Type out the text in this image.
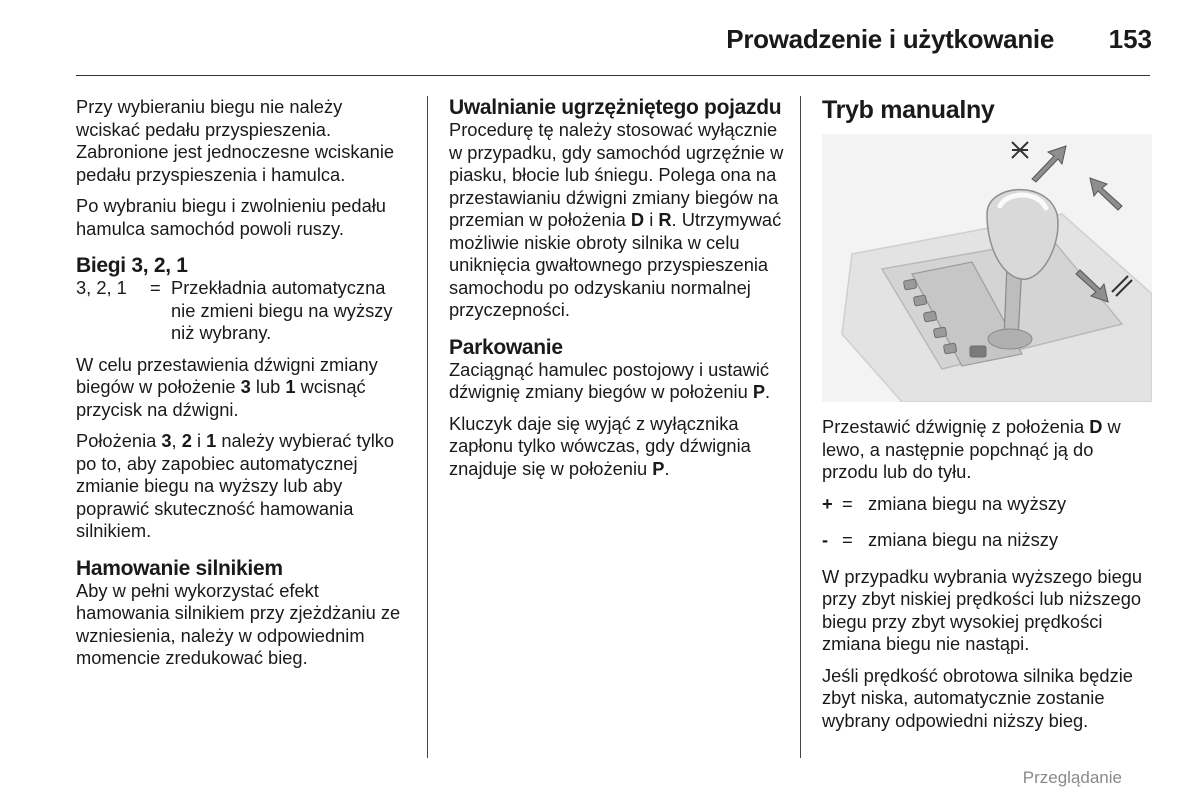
Prowadzenie i użytkowanie 153

Przy wybieraniu biegu nie należy wciskać pedału przyspieszenia. Zabronione jest jednoczesne wciskanie pedału przyspieszenia i hamulca.

Po wybraniu biegu i zwolnieniu pedału hamulca samochód powoli ruszy.

Biegi 3, 2, 1
3, 2, 1	= Przekładnia automatyczna nie zmieni biegu na wyższy niż wybrany.

W celu przestawienia dźwigni zmiany biegów w położenie 3 lub 1 wcisnąć przycisk na dźwigni.

Położenia 3, 2 i 1 należy wybierać tylko po to, aby zapobiec automatycznej zmianie biegu na wyższy lub aby poprawić skuteczność hamowania silnikiem.

Hamowanie silnikiem

Aby w pełni wykorzystać efekt hamowania silnikiem przy zjeżdżaniu ze wzniesienia, należy w odpowiednim momencie zredukować bieg.

Uwalnianie ugrzężniętego pojazdu

Procedurę tę należy stosować wyłącznie w przypadku, gdy samochód ugrzęźnie w piasku, błocie lub śniegu. Polega ona na przestawianiu dźwigni zmiany biegów na przemian w położenia D i R. Utrzymywać możliwie niskie obroty silnika w celu uniknięcia gwałtownego przyspieszenia samochodu po odzyskaniu normalnej przyczepności.

Parkowanie

Zaciągnąć hamulec postojowy i ustawić dźwignię zmiany biegów w położeniu P.

Kluczyk daje się wyjąć z wyłącznika zapłonu tylko wówczas, gdy dźwignia znajduje się w położeniu P.

Tryb manualny

Przestawić dźwignię z położenia D w lewo, a następnie popchnąć ją do przodu lub do tyłu.

+ = zmiana biegu na wyższy
- = zmiana biegu na niższy

W przypadku wybrania wyższego biegu przy zbyt niskiej prędkości lub niższego biegu przy zbyt wysokiej prędkości zmiana biegu nie nastąpi.

Jeśli prędkość obrotowa silnika będzie zbyt niska, automatycznie zostanie wybrany odpowiedni niższy bieg.

Przeglądanie
